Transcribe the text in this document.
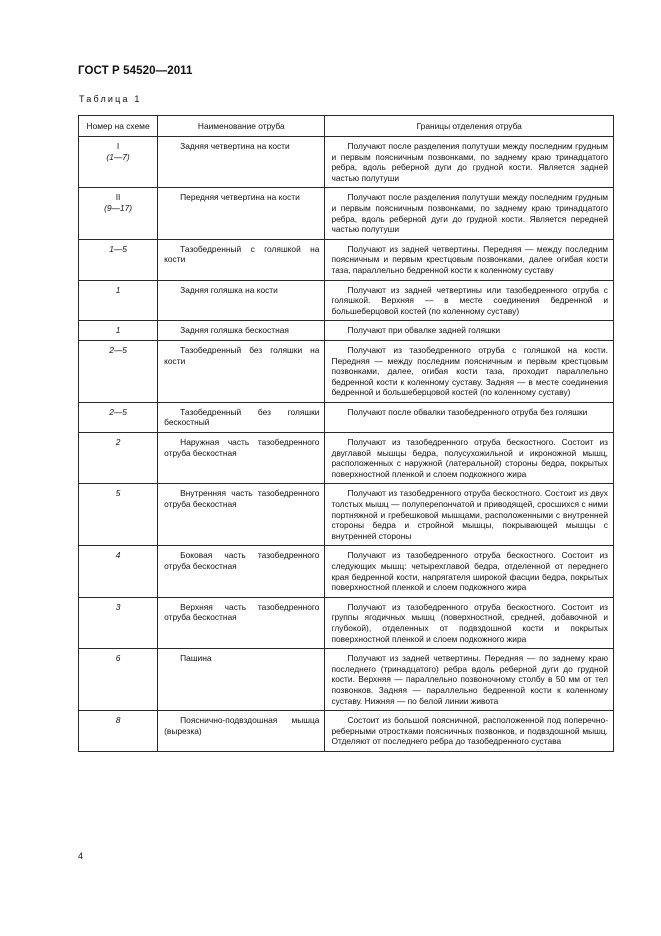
ГОСТ Р 54520—2011
Таблица 1
Номер на схеме	Наименование отруба	Границы отделения отруба

I
(1—7)	Задняя четвертина на кости	Получают после разделения полутуши между последним грудным и первым поясничным позвонками, по заднему краю тринадцатого ребра, вдоль реберной дуги до грудной кости. Является задней частью полутуши

II
(9—17)	Передняя четвертина на кости	Получают после разделения полутуши между последним грудным и первым поясничным позвонками, по заднему краю тринадцатого ребра, вдоль реберной дуги до грудной кости. Является передней частью полутуши

1—5	Тазобедренный с голяшкой на кости	Получают из задней четвертины. Передняя — между последним поясничным и первым крестцовым позвонками, далее огибая кости таза, параллельно бедренной кости к коленному суставу

1	Задняя голяшка на кости	Получают из задней четвертины или тазобедренного отруба с голяшкой. Верхняя — в месте соединения бедренной и большеберцовой костей (по коленному суставу)

1	Задняя голяшка бескостная	Получают при обвалке задней голяшки

2—5	Тазобедренный без голяшки на кости	Получают из тазобедренного отруба с голяшкой на кости. Передняя — между последним поясничным и первым крестцовым позвонками, далее, огибая кости таза, проходит параллельно бедренной кости к коленному суставу. Задняя — в месте соединения бедренной и большеберцовой костей (по коленному суставу)

2—5	Тазобедренный без голяшки бескостный	Получают после обвалки тазобедренного отруба без голяшки

2	Наружная часть тазобедренного отруба бескостная	Получают из тазобедренного отруба бескостного. Состоит из двуглавой мышцы бедра, полусухожильной и икроножной мышц, расположенных с наружной (латеральной) стороны бедра, покрытых поверхностной пленкой и слоем подкожного жира

5	Внутренняя часть тазобедренного отруба бескостная	Получают из тазобедренного отруба бескостного. Состоит из двух толстых мышц — полуперепончатой и приводящей, сросшихся с ними портняжной и гребешковой мышцами, расположенными с внутренней стороны бедра и стройной мышцы, покрывающей мышцы с внутренней стороны

4	Боковая часть тазобедренного отруба бескостная	Получают из тазобедренного отруба бескостного. Состоит из следующих мышц: четырехглавой бедра, отделенной от переднего края бедренной кости, напрягателя широкой фасции бедра, покрытых поверхностной пленкой и слоем подкожного жира

3	Верхняя часть тазобедренного отруба бескостная	Получают из тазобедренного отруба бескостного. Состоит из группы ягодичных мышц (поверхностной, средней, добавочной и глубокой), отделенных от подвздошной кости и покрытых поверхностной пленкой и слоем подкожного жира

6	Пашина	Получают из задней четвертины. Передняя — по заднему краю последнего (тринадцатого) ребра вдоль реберной дуги до грудной кости. Верхняя — параллельно позвоночному столбу в 50 мм от тел позвонков. Задняя — параллельно бедренной кости к коленному суставу. Нижняя — по белой линии живота

8	Пояснично-подвздошная мышца (вырезка)	Состоит из большой поясничной, расположенной под поперечно-реберными отростками поясничных позвонков, и подвздошной мышц. Отделяют от последнего ребра до тазобедренного сустава
4
